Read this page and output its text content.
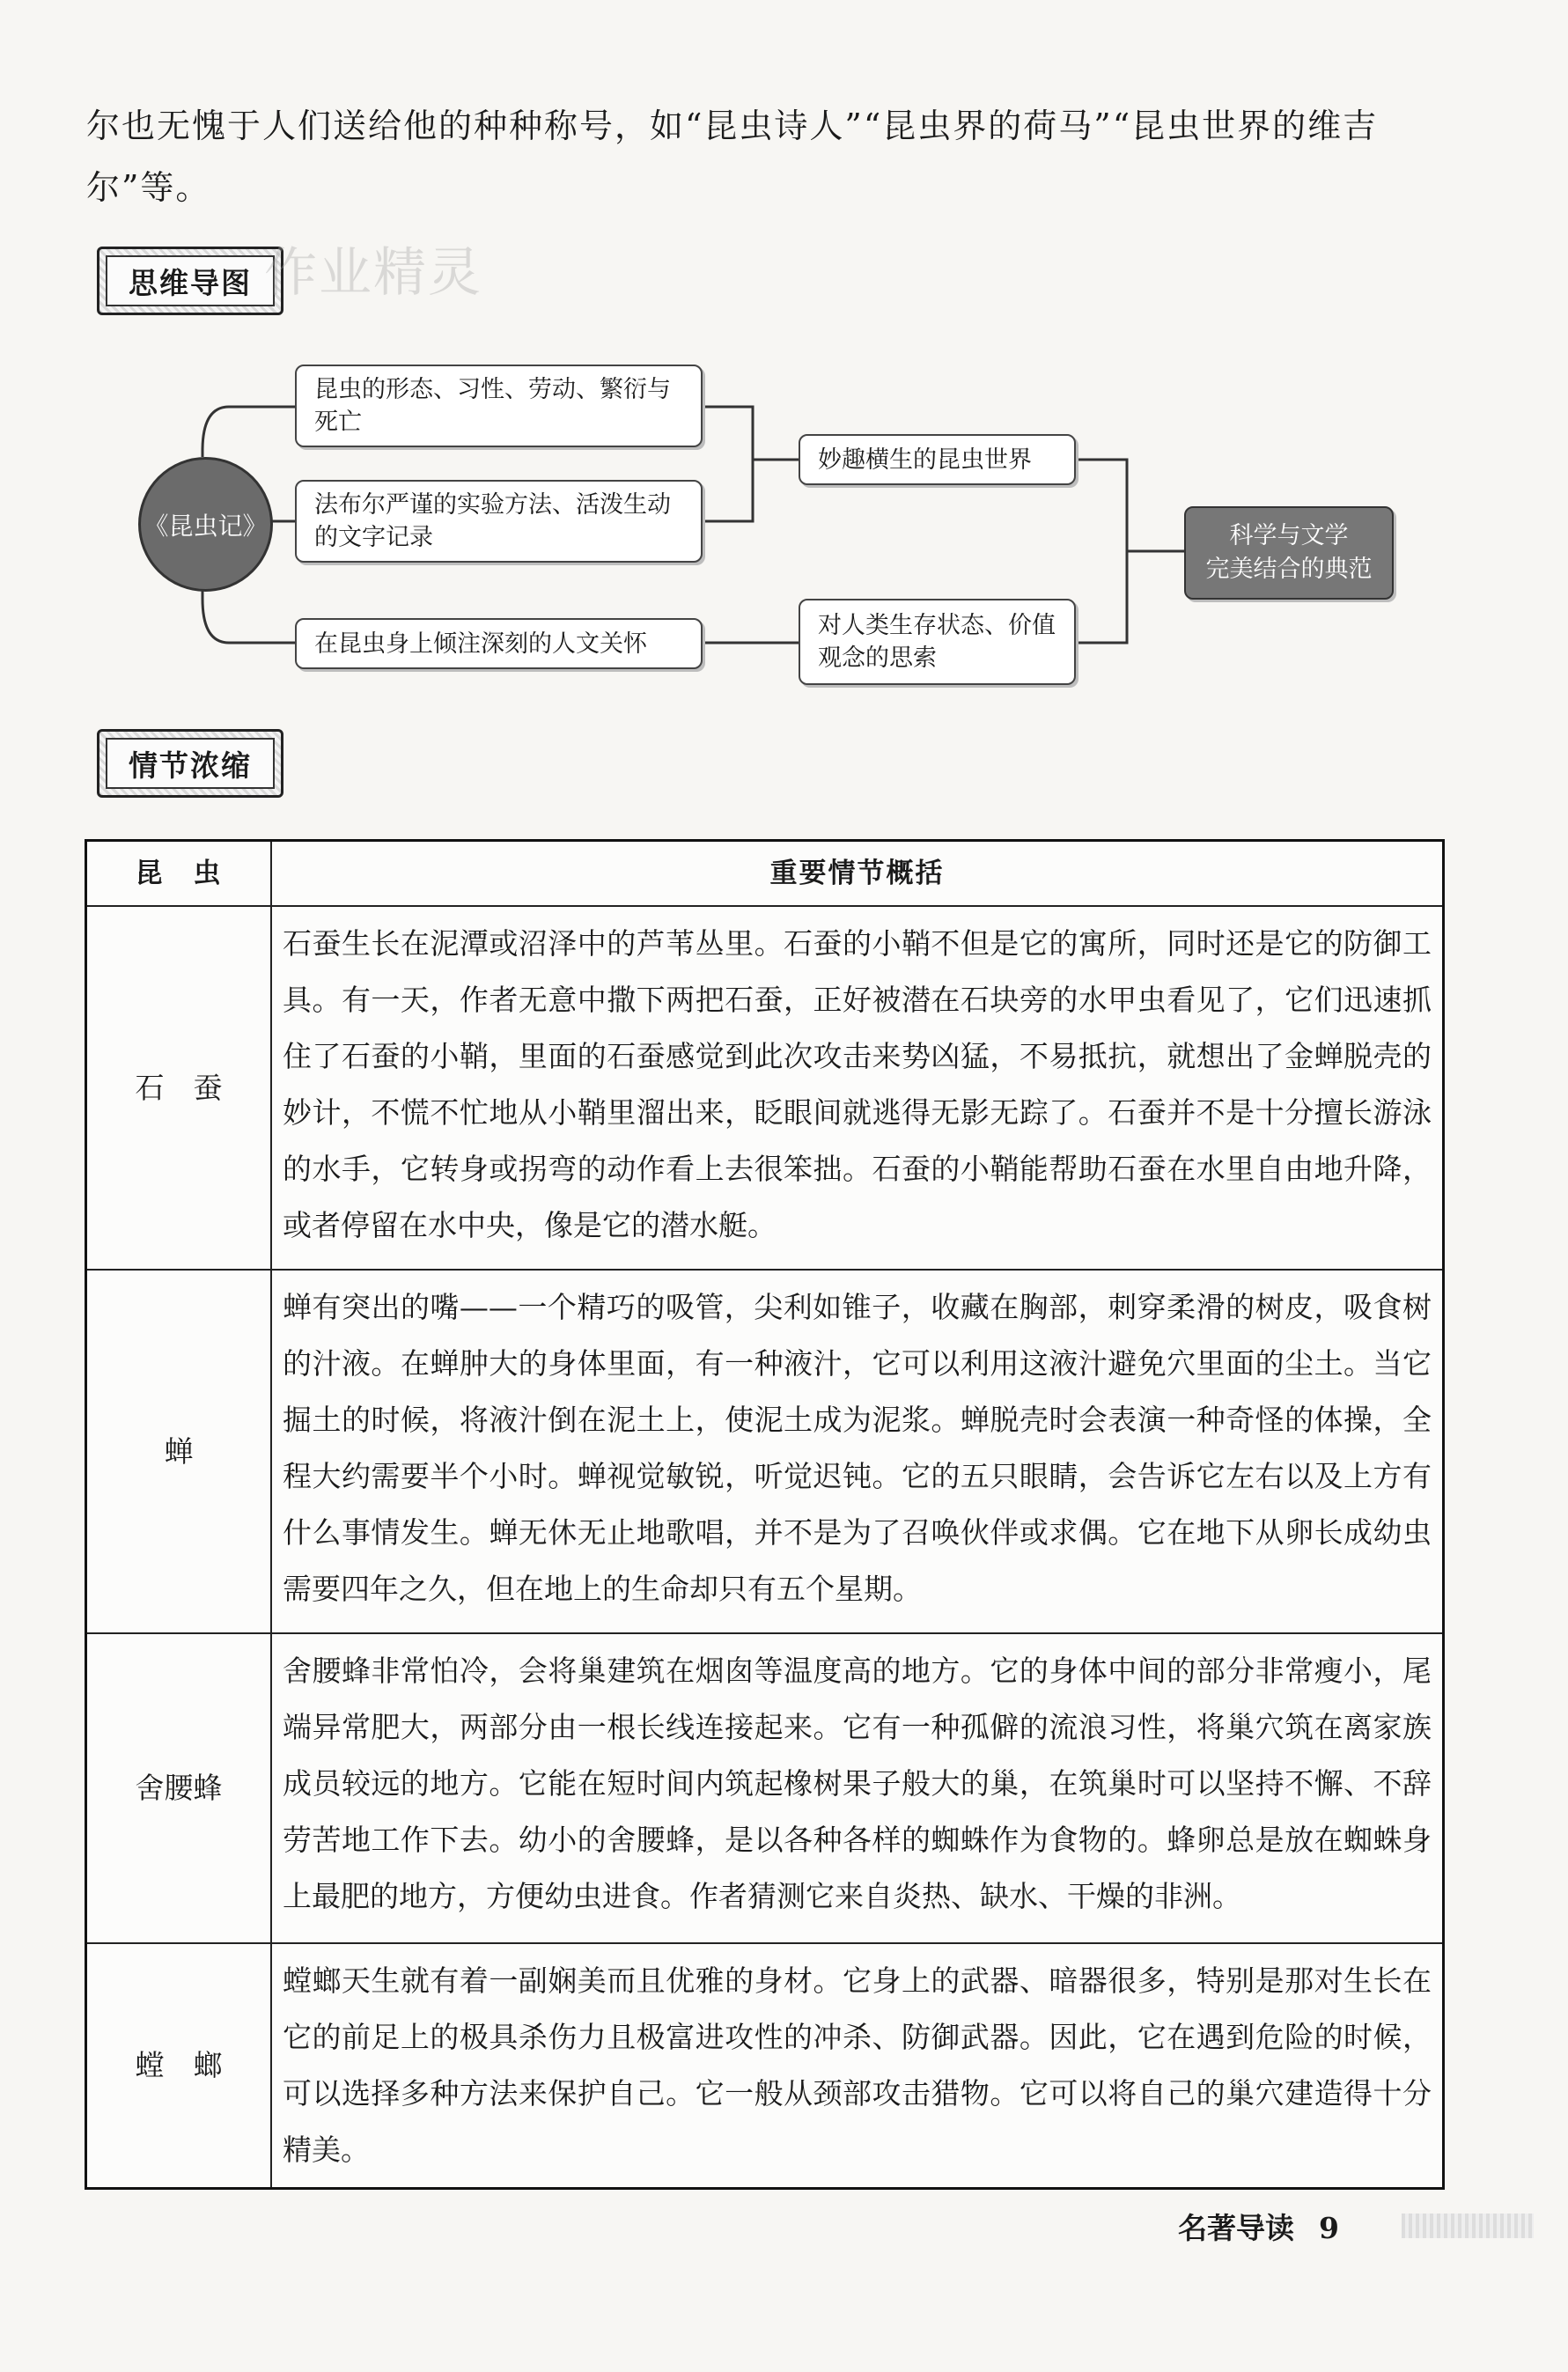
尔也无愧于人们送给他的种种称号，如“昆虫诗人”“昆虫界的荷马”“昆虫世界的维吉尔”等。
思维导图 作业精灵
《昆虫记》
昆虫的形态、习性、劳动、繁衍与死亡
法布尔严谨的实验方法、活泼生动的文字记录
在昆虫身上倾注深刻的人文关怀
妙趣横生的昆虫世界
对人类生存状态、价值观念的思索
科学与文学
完美结合的典范
情节浓缩
昆　虫	重要情节概括
石　蚕	石蚕生长在泥潭或沼泽中的芦苇丛里。石蚕的小鞘不但是它的寓所，同时还是它的防御工具。有一天，作者无意中撒下两把石蚕，正好被潜在石块旁的水甲虫看见了，它们迅速抓住了石蚕的小鞘，里面的石蚕感觉到此次攻击来势凶猛，不易抵抗，就想出了金蝉脱壳的妙计，不慌不忙地从小鞘里溜出来，眨眼间就逃得无影无踪了。石蚕并不是十分擅长游泳的水手，它转身或拐弯的动作看上去很笨拙。石蚕的小鞘能帮助石蚕在水里自由地升降，或者停留在水中央，像是它的潜水艇。
蝉	蝉有突出的嘴——一个精巧的吸管，尖利如锥子，收藏在胸部，刺穿柔滑的树皮，吸食树的汁液。在蝉肿大的身体里面，有一种液汁，它可以利用这液汁避免穴里面的尘土。当它掘土的时候，将液汁倒在泥土上，使泥土成为泥浆。蝉脱壳时会表演一种奇怪的体操，全程大约需要半个小时。蝉视觉敏锐，听觉迟钝。它的五只眼睛，会告诉它左右以及上方有什么事情发生。蝉无休无止地歌唱，并不是为了召唤伙伴或求偶。它在地下从卵长成幼虫需要四年之久，但在地上的生命却只有五个星期。
舍腰蜂	舍腰蜂非常怕冷，会将巢建筑在烟囱等温度高的地方。它的身体中间的部分非常瘦小，尾端异常肥大，两部分由一根长线连接起来。它有一种孤僻的流浪习性，将巢穴筑在离家族成员较远的地方。它能在短时间内筑起橡树果子般大的巢，在筑巢时可以坚持不懈、不辞劳苦地工作下去。幼小的舍腰蜂，是以各种各样的蜘蛛作为食物的。蜂卵总是放在蜘蛛身上最肥的地方，方便幼虫进食。作者猜测它来自炎热、缺水、干燥的非洲。
螳　螂	螳螂天生就有着一副娴美而且优雅的身材。它身上的武器、暗器很多，特别是那对生长在它的前足上的极具杀伤力且极富进攻性的冲杀、防御武器。因此，它在遇到危险的时候，可以选择多种方法来保护自己。它一般从颈部攻击猎物。它可以将自己的巢穴建造得十分精美。
名著导读 9
